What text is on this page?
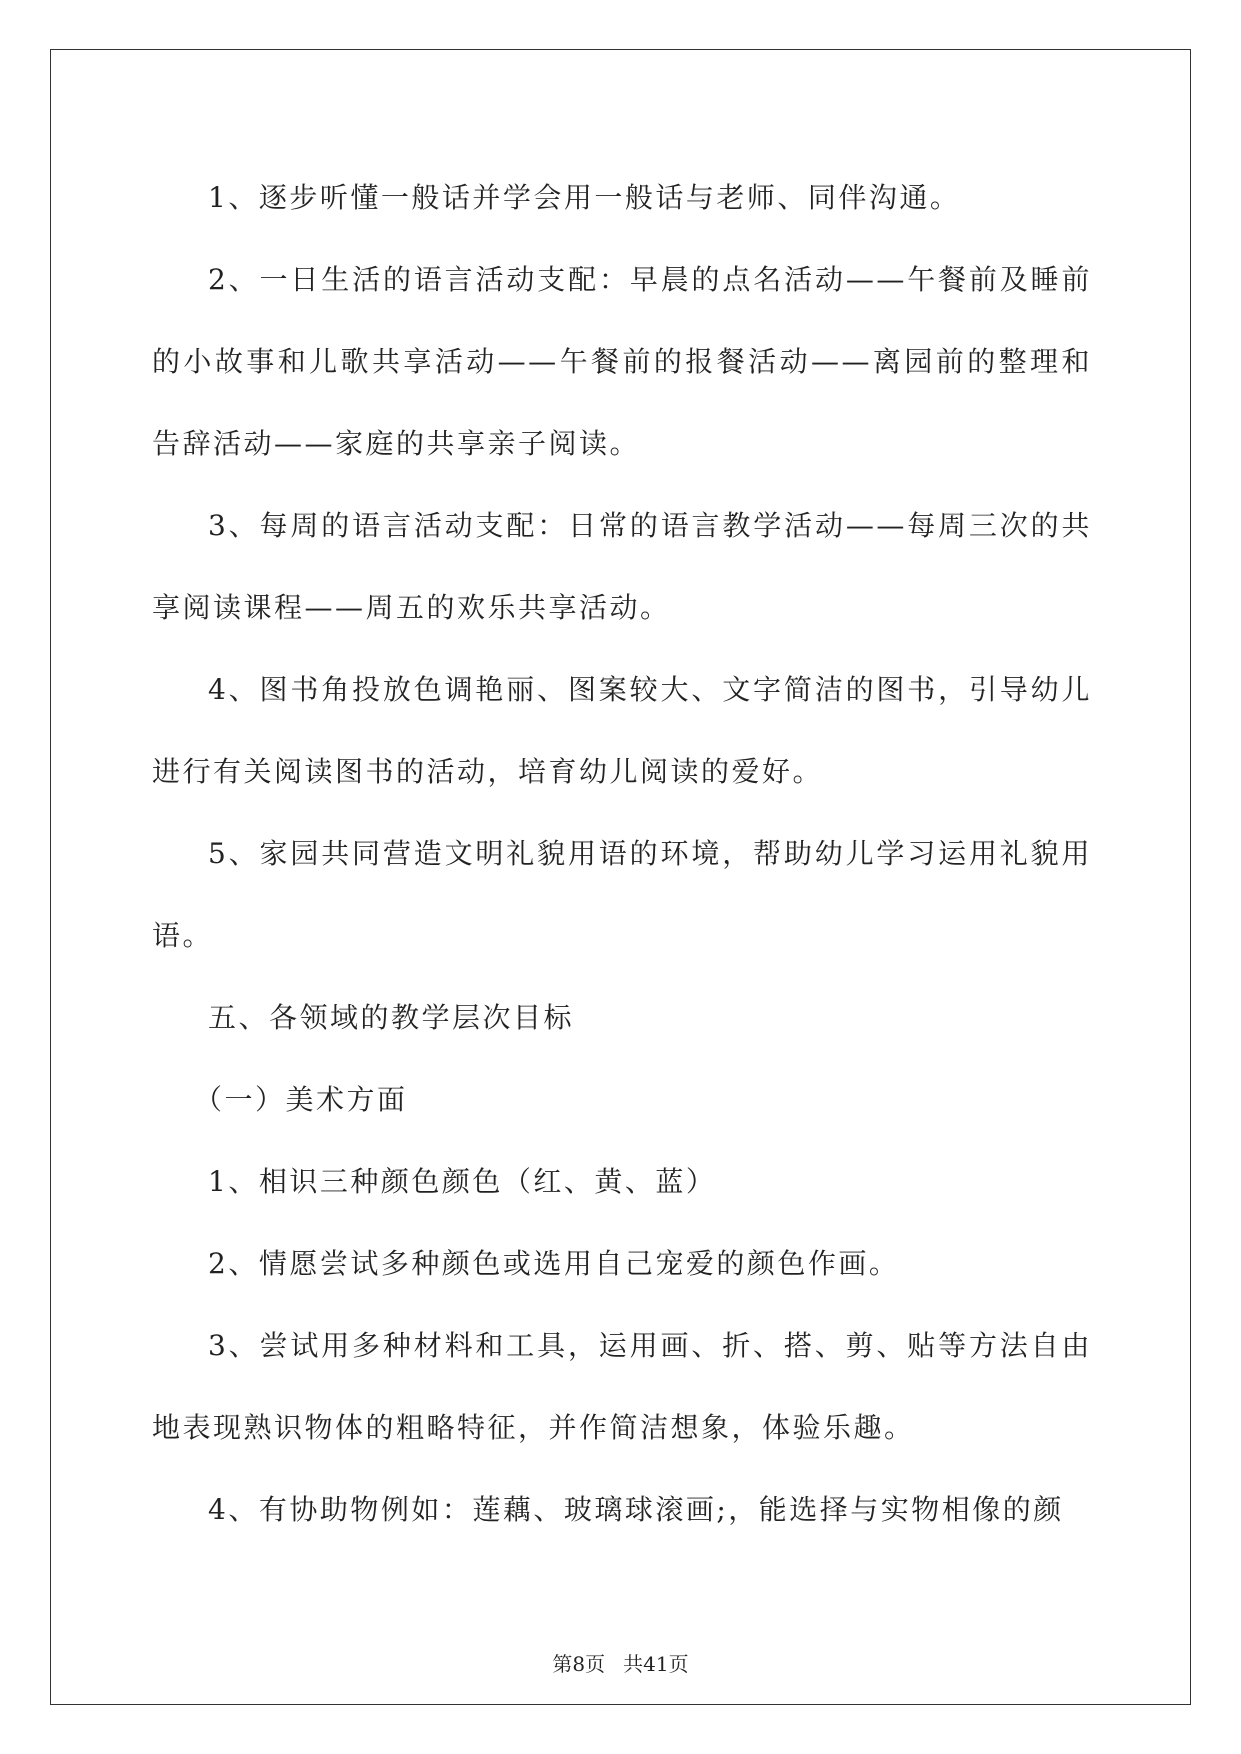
1、逐步听懂一般话并学会用一般话与老师、同伴沟通。

2、一日生活的语言活动支配：早晨的点名活动——午餐前及睡前的小故事和儿歌共享活动——午餐前的报餐活动——离园前的整理和告辞活动——家庭的共享亲子阅读。

3、每周的语言活动支配：日常的语言教学活动——每周三次的共享阅读课程——周五的欢乐共享活动。

4、图书角投放色调艳丽、图案较大、文字简洁的图书，引导幼儿进行有关阅读图书的活动，培育幼儿阅读的爱好。

5、家园共同营造文明礼貌用语的环境，帮助幼儿学习运用礼貌用语。

五、各领域的教学层次目标

（一）美术方面

1、相识三种颜色颜色（红、黄、蓝）

2、情愿尝试多种颜色或选用自己宠爱的颜色作画。

3、尝试用多种材料和工具，运用画、折、搭、剪、贴等方法自由地表现熟识物体的粗略特征，并作简洁想象，体验乐趣。

4、有协助物例如：莲藕、玻璃球滚画;，能选择与实物相像的颜

第8页 共41页
